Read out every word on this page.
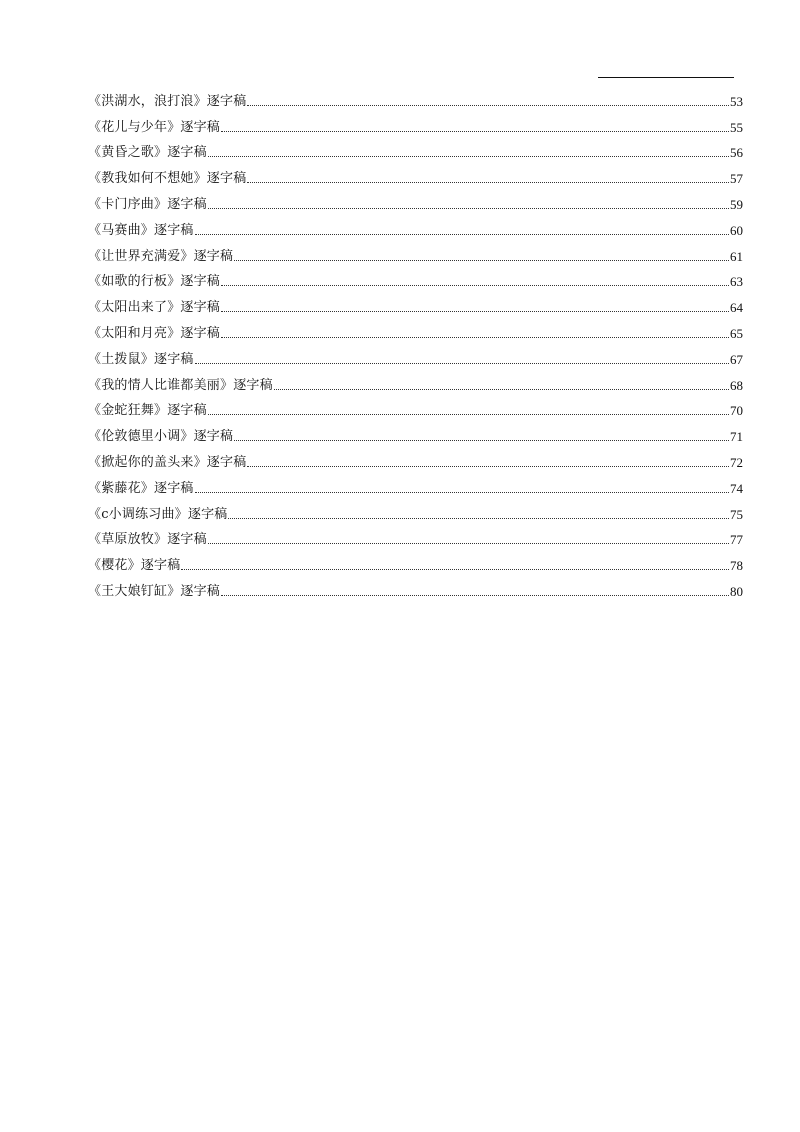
《洪湖水，浪打浪》逐字稿	53
《花儿与少年》逐字稿	55
《黄昏之歌》逐字稿	56
《教我如何不想她》逐字稿	57
《卡门序曲》逐字稿	59
《马赛曲》逐字稿	60
《让世界充满爱》逐字稿	61
《如歌的行板》逐字稿	63
《太阳出来了》逐字稿	64
《太阳和月亮》逐字稿	65
《土拨鼠》逐字稿	67
《我的情人比谁都美丽》逐字稿	68
《金蛇狂舞》逐字稿	70
《伦敦德里小调》逐字稿	71
《掀起你的盖头来》逐字稿	72
《紫藤花》逐字稿	74
《c小调练习曲》逐字稿	75
《草原放牧》逐字稿	77
《樱花》逐字稿	78
《王大娘钉缸》逐字稿	80
